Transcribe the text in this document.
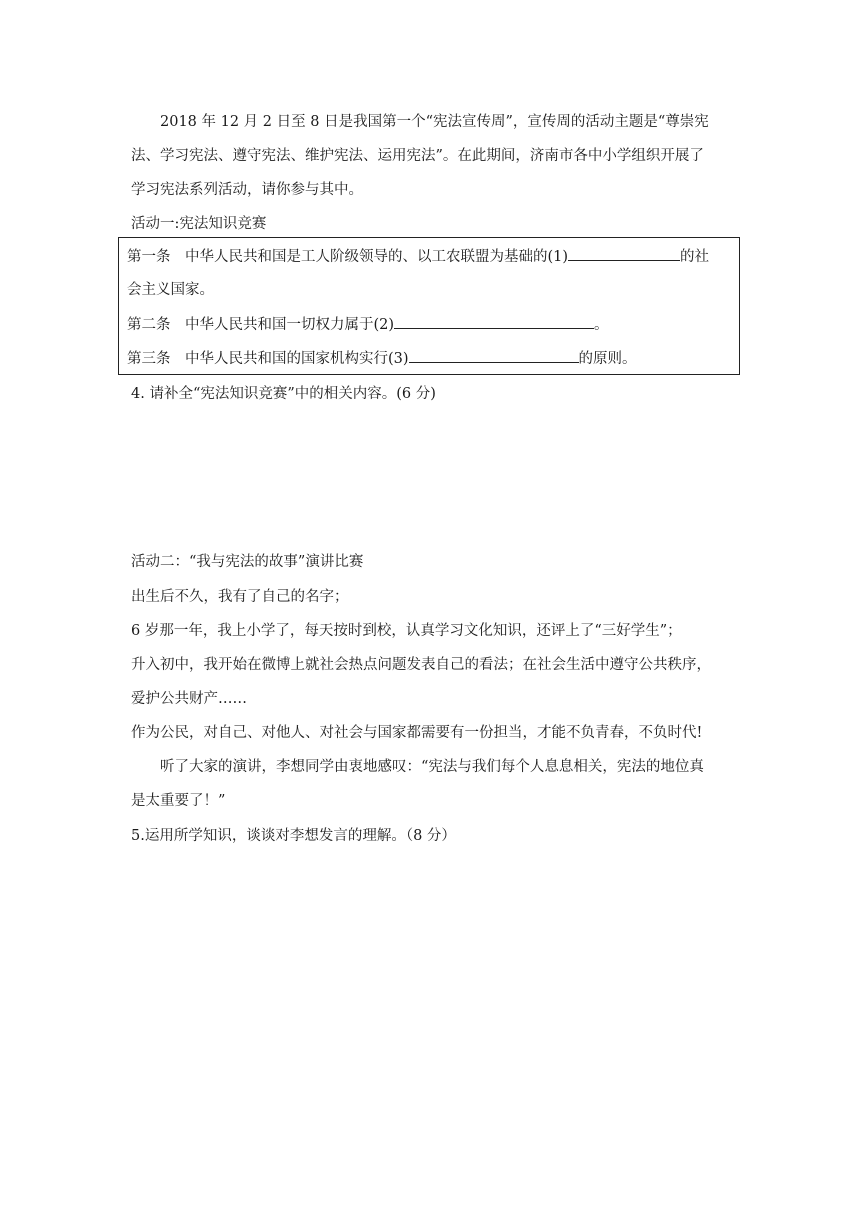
2018 年 12 月 2 日至 8 日是我国第一个“宪法宣传周”，宣传周的活动主题是“尊崇宪
法、学习宪法、遵守宪法、维护宪法、运用宪法”。在此期间，济南市各中小学组织开展了
学习宪法系列活动，请你参与其中。
活动一:宪法知识竞赛
第一条　中华人民共和国是工人阶级领导的、以工农联盟为基础的(1)	的社
会主义国家。
第二条　中华人民共和国一切权力属于(2)	。
第三条　中华人民共和国的国家机构实行(3)	的原则。
4. 请补全“宪法知识竞赛”中的相关内容。(6 分)
活动二：“我与宪法的故事”演讲比赛
出生后不久，我有了自己的名字；
6 岁那一年，我上小学了，每天按时到校，认真学习文化知识，还评上了“三好学生”；
升入初中，我开始在微博上就社会热点问题发表自己的看法；在社会生活中遵守公共秩序，
爱护公共财产……
作为公民，对自己、对他人、对社会与国家都需要有一份担当，才能不负青春，不负时代!
听了大家的演讲，李想同学由衷地感叹：“宪法与我们每个人息息相关，宪法的地位真
是太重要了！”
5.运用所学知识，谈谈对李想发言的理解。（8 分）
